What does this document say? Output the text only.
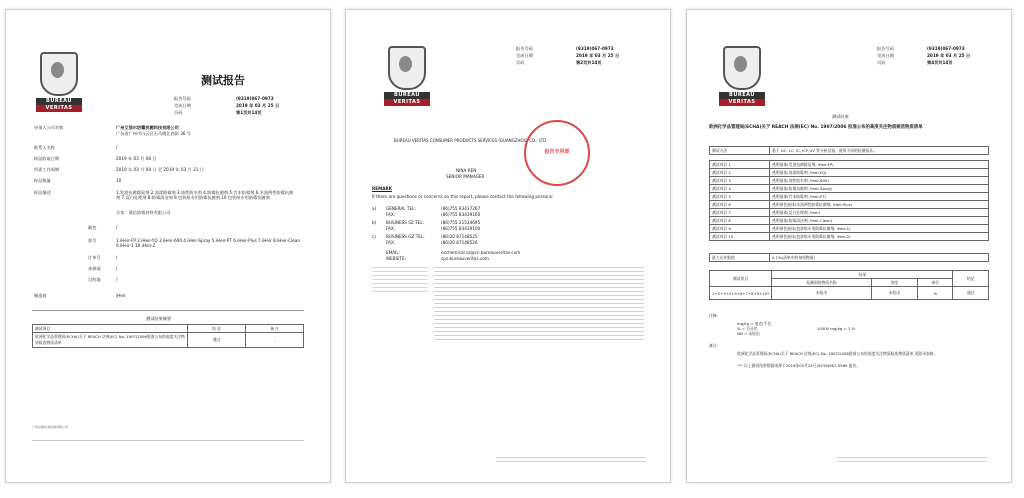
BUREAU
VERITAS
测试报告
报告号码	(9319)067-0973
完成日期	2019 年 03 月 25 日
页码	第1页共14页
申请人公司名称	广州艾浩尔防霉抗菌科技有限公司
广东省广州市白云区石马桃北西街 36 号
联系人名称	/
样品收取日期	2019 年 03 月 08 日
所需工作周期	2019 年 03 月 08 日 至 2019 年 03 月 21 日
样品数量	10
样品描述	1.发泡抗菌除臭剂 2.油漆防霉剂 3.油性防水剂 4.防霉抗菌剂 5.竹木防霉剂 6.水油两性防霉抗菌剂 7.反白处理剂 8.防霉清洁剂 9.包装纸专用防霉抗菌剂 10.包装纸专用防霉抗菌剂
买家：奥信防霉材料有限公司
颜色	/
款号	1.iHeir-FP 2.iHeir-YQ 3.iHeir-600 4.iHeir-Spray 5.iHeir-PT 6.iHeir-Plus 7.iHeir 8.iHeir-Clean 9.iHeir-1 10.iHeir-2
订单号	/
来源地	/
目的地	/
制造商	iHeir
测试结果摘要
测试项目	结 论	备 注
欧洲化学品管理局(ECHA)关于 REACH 法规(EC) No. 1907/2006批准公布的高度关注物质候选物质清单	通过	-
广州必维技术检测有限公司
BUREAU
VERITAS
报告号码	(9319)067-0973
完成日期	2019 年 03 月 25 日
页码	第2页共14页
BUREAU VERITAS CONSUMER PRODUCTS SERVICES (GUANGZHOU) CO., LTD
报告专用章
NINA REN
SENIOR MANAGER
REMARK
If there are questions or concerns on this report, please contact the following persons:
a) GENERAL TEL:	(86)755 83437267
FAX:	(86)755 83439160
b) BUSINESS SZ TEL:	(86)755 21534695
FAX:	(86)755 83439100
c) BUSINESS GZ TEL:	(86)20 87148525
FAX:	(86)20 87148526
EMAIL:	ecchemical.sz@cn.bureauveritas.com
WEBSITE:	cps.bureauveritas.com
BUREAU
VERITAS
报告号码	(9319)067-0973
完成日期	2019 年 03 月 25 日
页码	第4页共14页
测试结果
欧洲化学品管理局(ECHA)关于 REACH 法规(EC) No. 1907/2006 批准公布的高度关注物质候选物质清单
测试方法	基于 GC, LC, IC, ICP,UV 等分析仪器，使用不同的检测技术。
测试项目 1	透明液体(发泡抗菌除臭剂, iHeir-FP)
测试项目 2	透明液体(油漆防霉剂, iHeir-YQ)
测试项目 3	透明液体(油性防水剂, iHeir-600)
测试项目 4	透明液体(防霉抗菌剂, iHeir-Spray)
测试项目 5	透明液体(竹木防霉剂, iHeir-PT)
测试项目 6	透明黄色液体(水油两性防霉抗菌剂, iHeir-Plus)
测试项目 7	透明液体(反白处理剂, iHeir)
测试项目 8	透明液体(防霉清洁剂, iHeir-Clean)
测试项目 9	透明黄色液体(包装纸专用防霉抗菌剂, iHeir-1)
测试项目 10	透明黄色液体(包装纸专用防霉抗菌剂, iHeir-2)
最大允许限值	0.1%(清单中的每项物质)
测试项目	结果			结论
	检测到的物质名称	浓度	单位	
1+2+3+4+5+6+7+8+9+10*	未检出	未检出	%	通过
注释:
mg/kg = 毫克/千克
% = 百分比	10000 mg/kg = 1 %
ND = 未检出
备注:
欧洲化学品管理局(ECHA)关于 REACH 法规(EC) No. 1907/2006批准公布的高度关注物质候选物质清单,见附录表格。
“*” 以上测试结果数据来源于2019年03月25日(9319)067-0969 报告。
